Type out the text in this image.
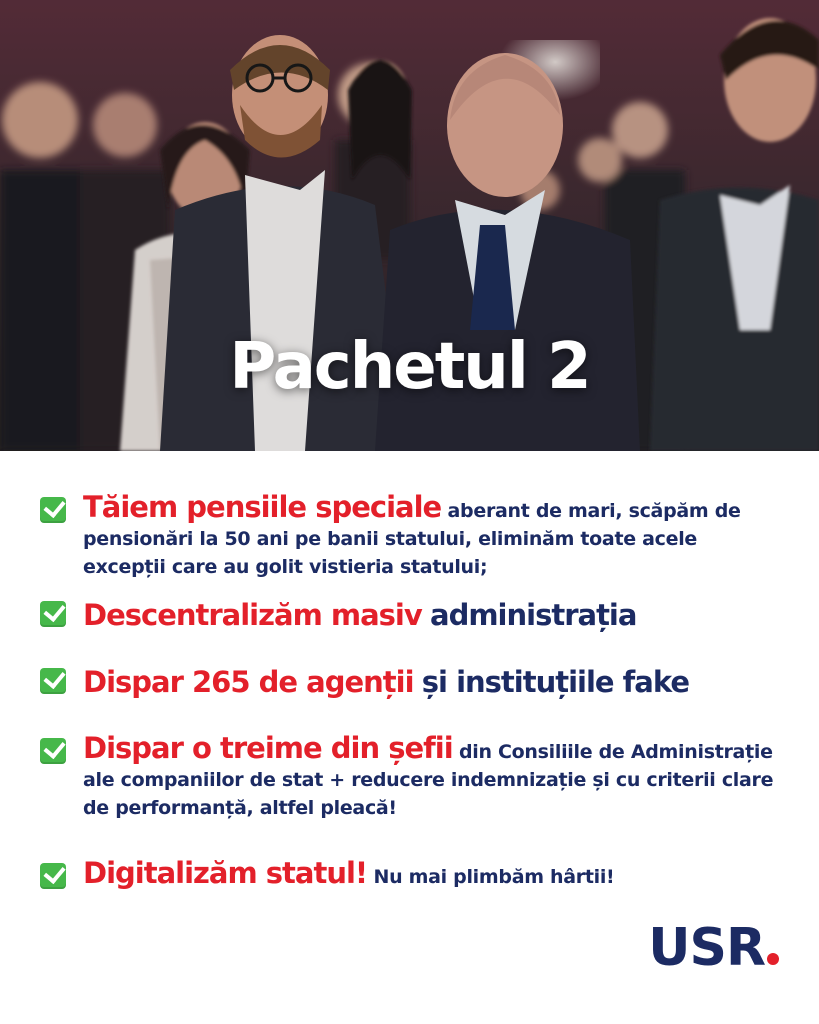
Pachetul 2
Tăiem pensiile speciale aberant de mari, scăpăm de pensionări la 50 ani pe banii statului, eliminăm toate acele excepții care au golit vistieria statului;
Descentralizăm masiv administrația
Dispar 265 de agenții și instituțiile fake
Dispar o treime din șefii din Consiliile de Administrație ale companiilor de stat + reducere indemnizație și cu criterii clare de performanță, altfel pleacă!
Digitalizăm statul! Nu mai plimbăm hârtii!
USR
